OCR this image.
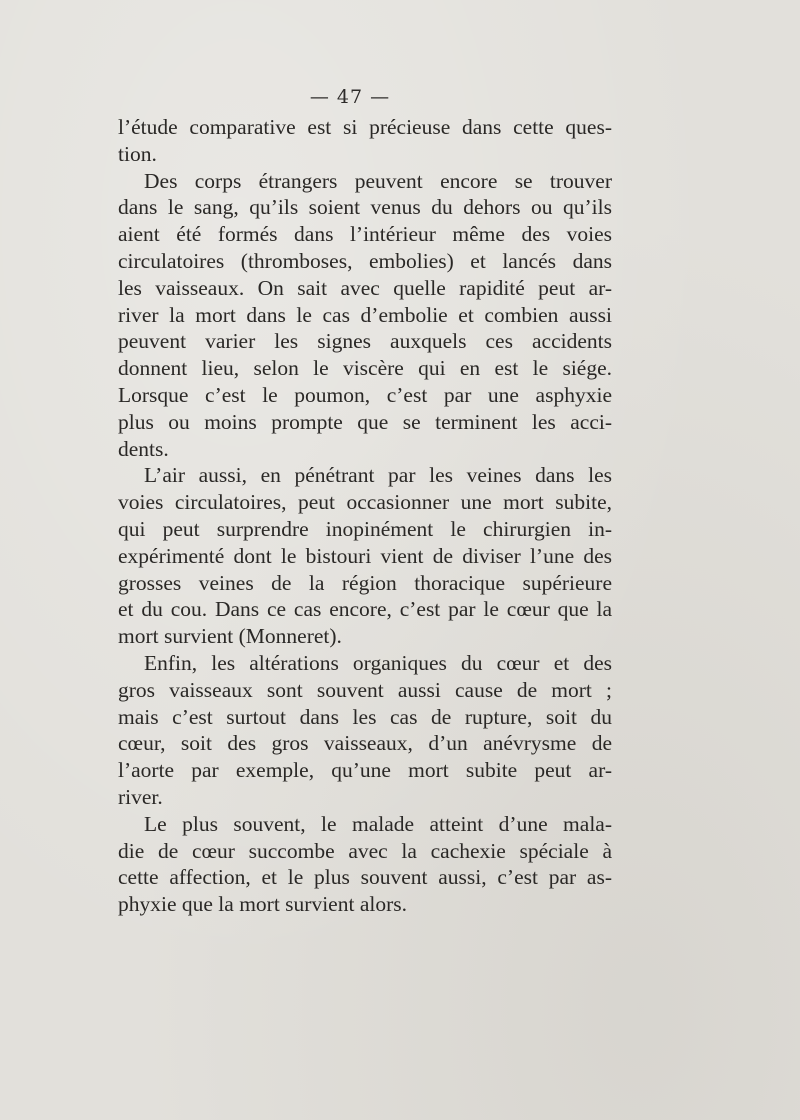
— 47 —
l’étude comparative est si précieuse dans cette ques-
tion.
Des corps étrangers peuvent encore se trouver
dans le sang, qu’ils soient venus du dehors ou qu’ils
aient été formés dans l’intérieur même des voies
circulatoires (thromboses, embolies) et lancés dans
les vaisseaux. On sait avec quelle rapidité peut ar-
river la mort dans le cas d’embolie et combien aussi
peuvent varier les signes auxquels ces accidents
donnent lieu, selon le viscère qui en est le siége.
Lorsque c’est le poumon, c’est par une asphyxie
plus ou moins prompte que se terminent les acci-
dents.
L’air aussi, en pénétrant par les veines dans les
voies circulatoires, peut occasionner une mort subite,
qui peut surprendre inopinément le chirurgien in-
expérimenté dont le bistouri vient de diviser l’une des
grosses veines de la région thoracique supérieure
et du cou. Dans ce cas encore, c’est par le cœur que la
mort survient (Monneret).
Enfin, les altérations organiques du cœur et des
gros vaisseaux sont souvent aussi cause de mort ;
mais c’est surtout dans les cas de rupture, soit du
cœur, soit des gros vaisseaux, d’un anévrysme de
l’aorte par exemple, qu’une mort subite peut ar-
river.
Le plus souvent, le malade atteint d’une mala-
die de cœur succombe avec la cachexie spéciale à
cette affection, et le plus souvent aussi, c’est par as-
phyxie que la mort survient alors.
